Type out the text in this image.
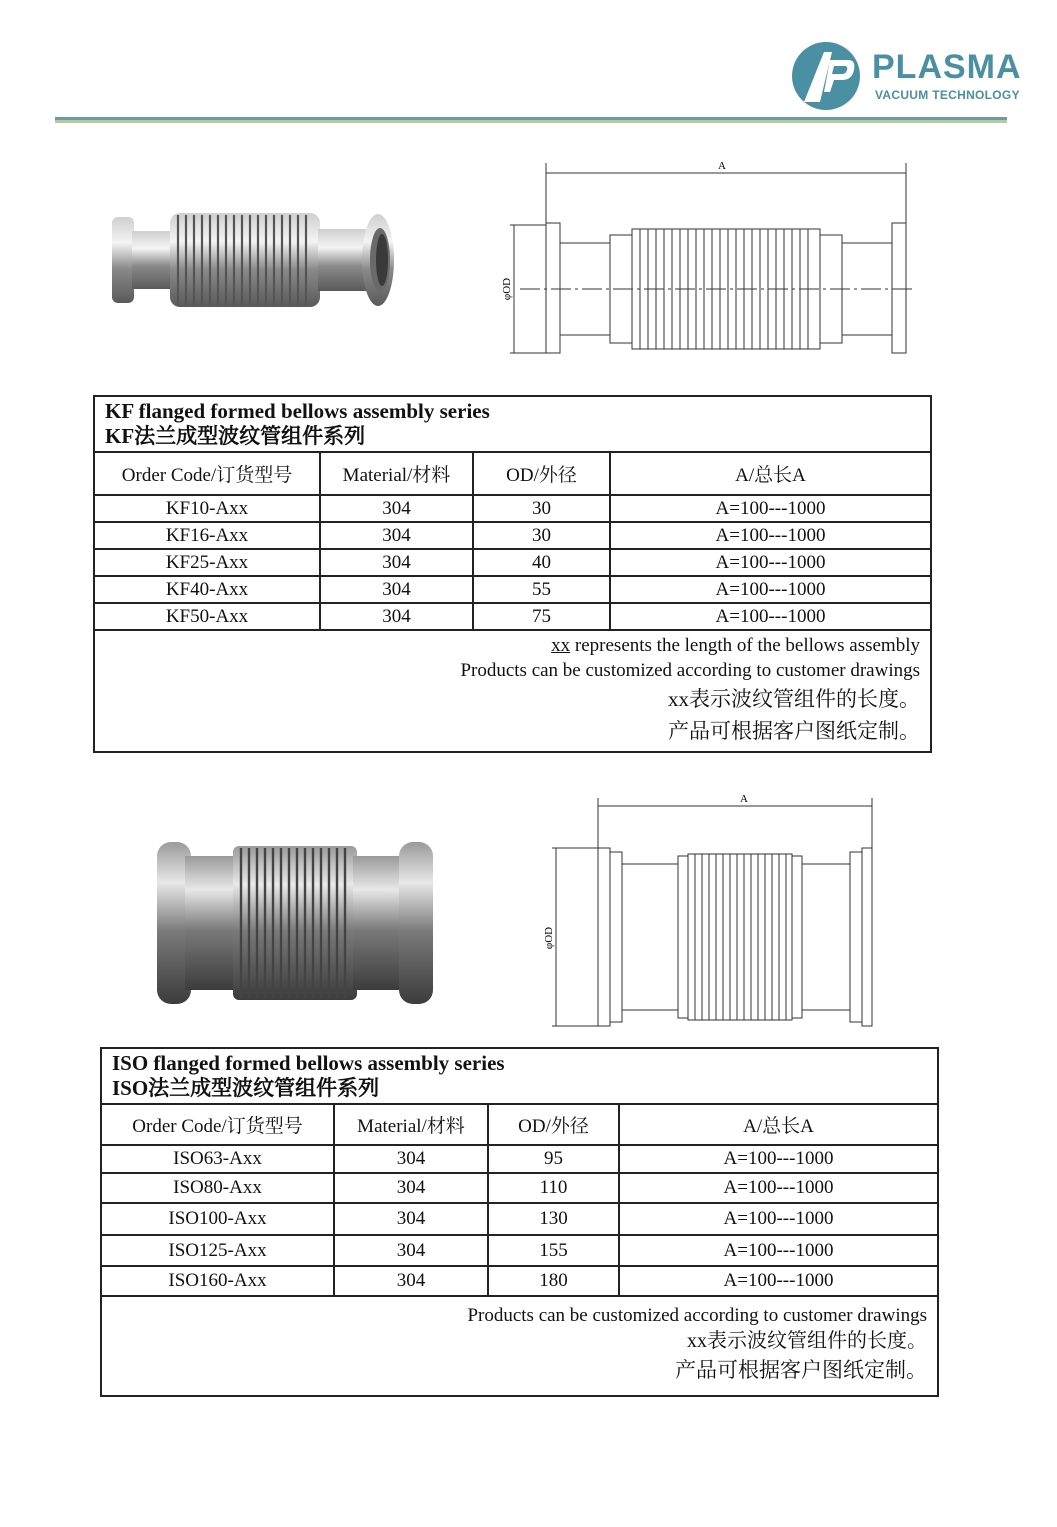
PLASMA
VACUUM TECHNOLOGY
A
φOD
KF flanged formed bellows assembly series
KF法兰成型波纹管组件系列
Order Code/订货型号	Material/材料	OD/外径	A/总长A
KF10-Axx	304	30	A=100---1000
KF16-Axx	304	30	A=100---1000
KF25-Axx	304	40	A=100---1000
KF40-Axx	304	55	A=100---1000
KF50-Axx	304	75	A=100---1000
xx represents the length of the bellows assembly
Products can be customized according to customer drawings
xx表示波纹管组件的长度。
产品可根据客户图纸定制。
A
φOD
ISO flanged formed bellows assembly series
ISO法兰成型波纹管组件系列
Order Code/订货型号	Material/材料	OD/外径	A/总长A
ISO63-Axx	304	95	A=100---1000
ISO80-Axx	304	110	A=100---1000
ISO100-Axx	304	130	A=100---1000
ISO125-Axx	304	155	A=100---1000
ISO160-Axx	304	180	A=100---1000
Products can be customized according to customer drawings
xx表示波纹管组件的长度。
产品可根据客户图纸定制。
